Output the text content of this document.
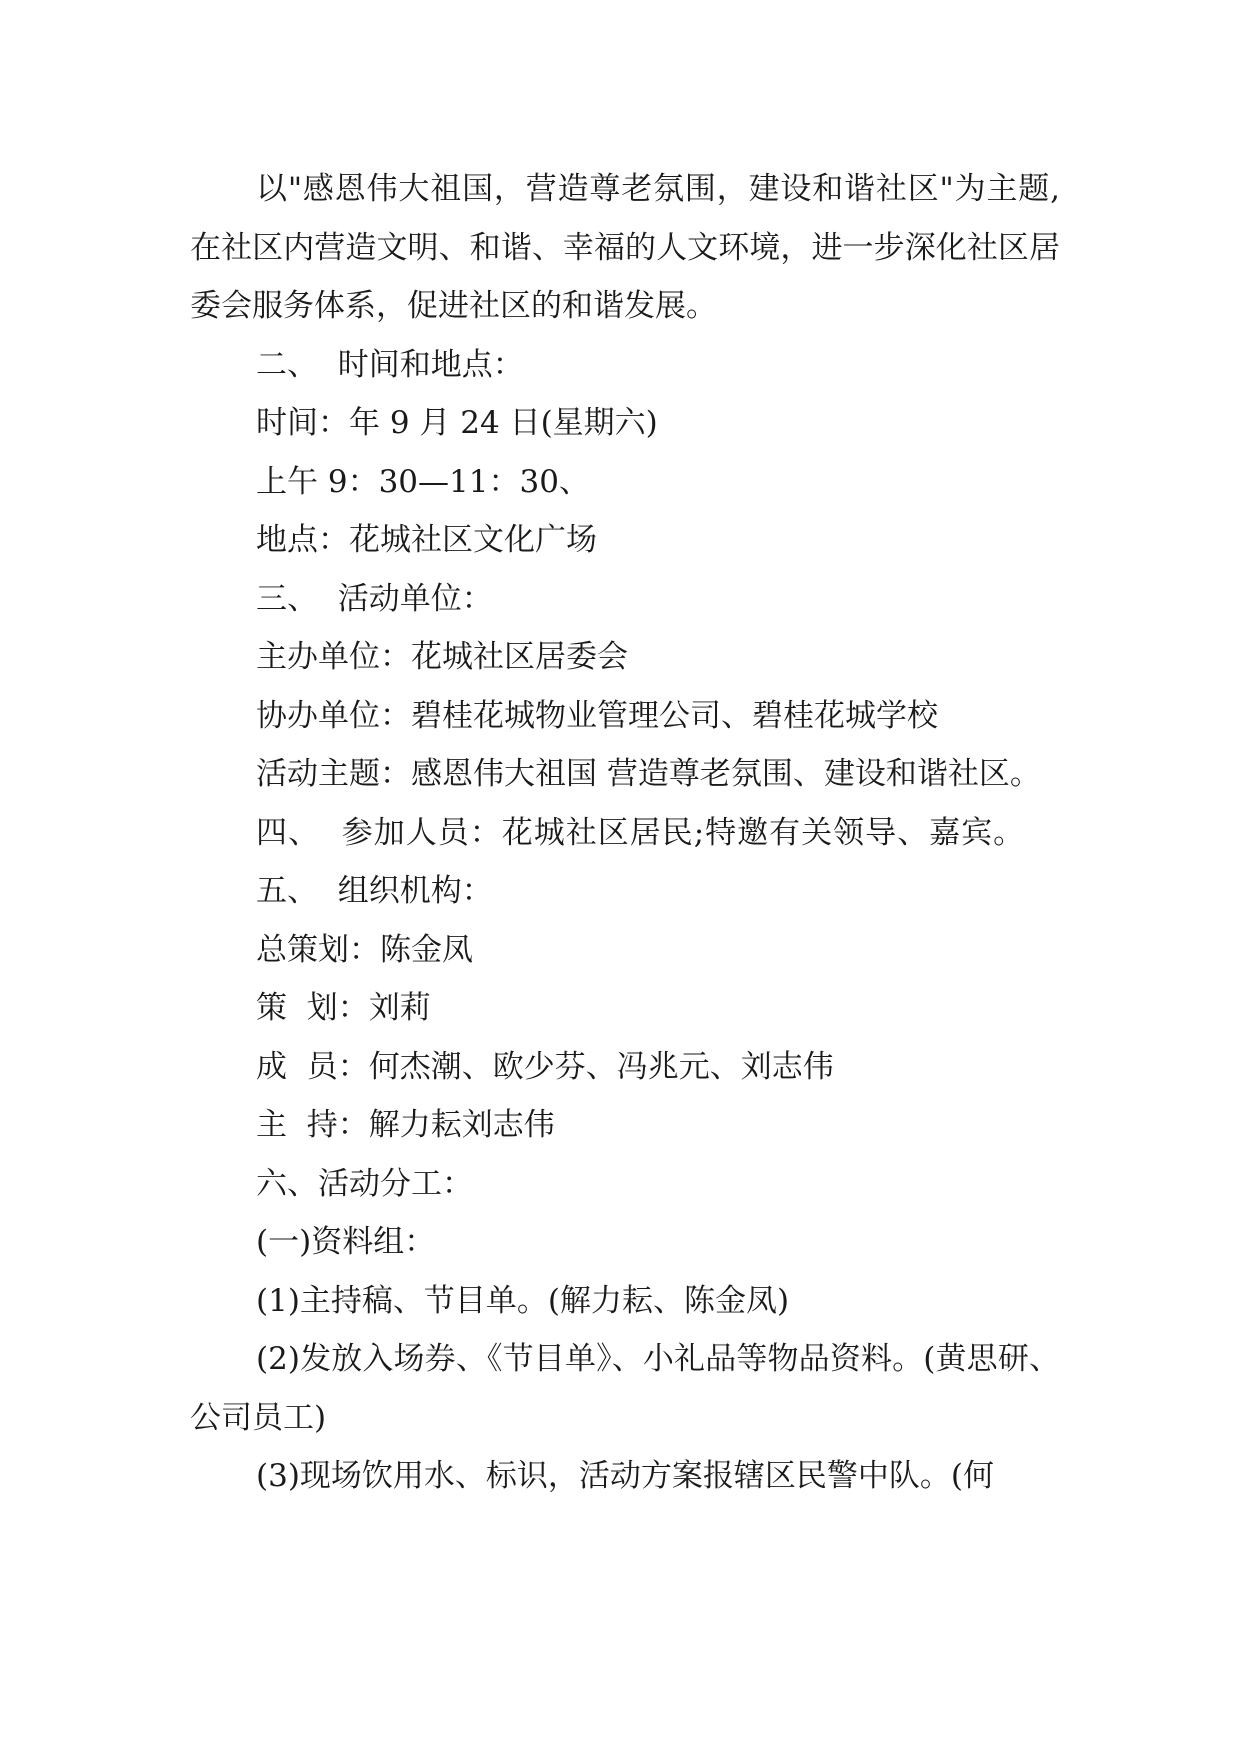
以"感恩伟大祖国，营造尊老氛围，建设和谐社区"为主题,在社区内营造文明、和谐、幸福的人文环境，进一步深化社区居委会服务体系，促进社区的和谐发展。

二、  时间和地点：

时间：年 9 月 24 日(星期六)

上午 9：30—11：30、

地点：花城社区文化广场

三、  活动单位：

主办单位：花城社区居委会

协办单位：碧桂花城物业管理公司、碧桂花城学校

活动主题：感恩伟大祖国 营造尊老氛围、建设和谐社区。

四、  参加人员：花城社区居民;特邀有关领导、嘉宾。

五、  组织机构：

总策划：陈金凤

策  划：刘莉

成  员：何杰潮、欧少芬、冯兆元、刘志伟

主  持：解力耘刘志伟

六、活动分工：

(一)资料组：

(1)主持稿、节目单。(解力耘、陈金凤)

(2)发放入场券、《节目单》、小礼品等物品资料。(黄思研、公司员工)

(3)现场饮用水、标识，活动方案报辖区民警中队。(何
